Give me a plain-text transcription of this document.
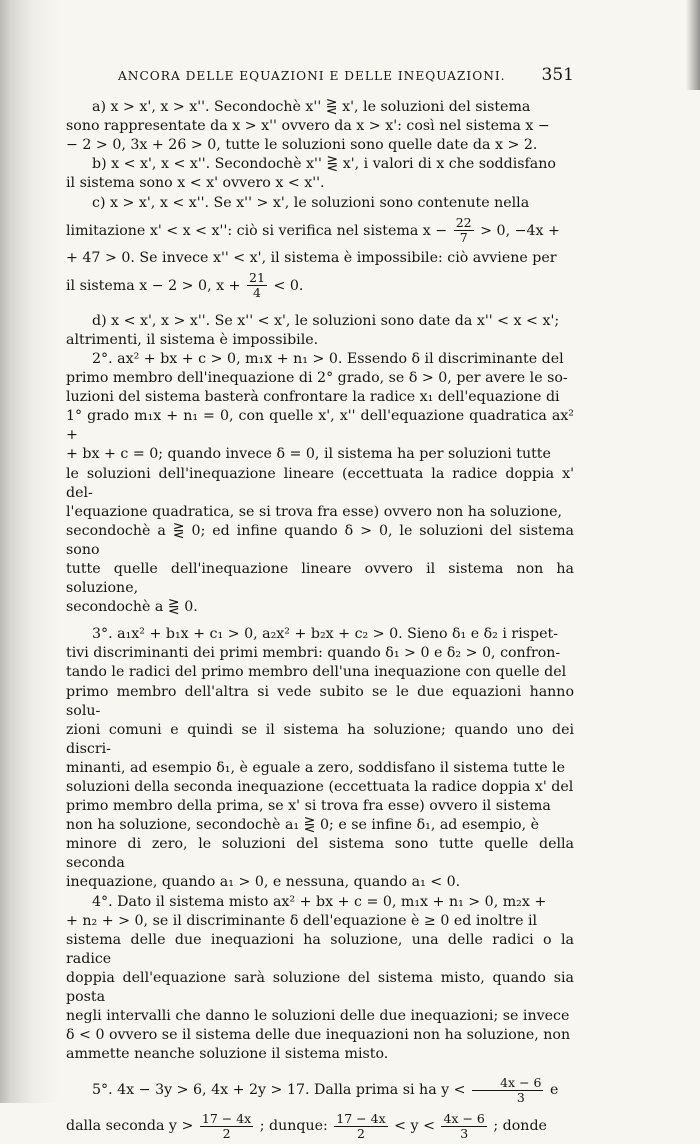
ANCORA DELLE EQUAZIONI E DELLE INEQUAZIONI. 351
a) x > x', x > x''. Secondochè x'' ⋛ x', le soluzioni del sistema
sono rappresentate da x > x'' ovvero da x > x': così nel sistema x −
− 2 > 0, 3x + 26 > 0, tutte le soluzioni sono quelle date da x > 2.
b) x < x', x < x''. Secondochè x'' ⋛ x', i valori di x che soddisfano
il sistema sono x < x' ovvero x < x''.
c) x > x', x < x''. Se x'' > x', le soluzioni sono contenute nella
limitazione x' < x < x'': ciò si verifica nel sistema $x - \frac{22}{7} > 0$, −4x +
+ 47 > 0. Se invece x'' < x', il sistema è impossibile: ciò avviene per
il sistema x − 2 > 0, $x + \frac{21}{4} < 0$.
d) x < x', x > x''. Se x'' < x', le soluzioni sono date da x'' < x < x';
altrimenti, il sistema è impossibile.
2°. ax² + bx + c > 0, m₁x + n₁ > 0. Essendo δ il discriminante del
primo membro dell'inequazione di 2° grado, se δ > 0, per avere le so-
luzioni del sistema basterà confrontare la radice x₁ dell'equazione di
1° grado m₁x + n₁ = 0, con quelle x', x'' dell'equazione quadratica ax² +
+ bx + c = 0; quando invece δ = 0, il sistema ha per soluzioni tutte
le soluzioni dell'inequazione lineare (eccettuata la radice doppia x' del-
l'equazione quadratica, se si trova fra esse) ovvero non ha soluzione,
secondochè a ⋛ 0; ed infine quando δ > 0, le soluzioni del sistema sono
tutte quelle dell'inequazione lineare ovvero il sistema non ha soluzione,
secondochè a ⋛ 0.
3°. a₁x² + b₁x + c₁ > 0, a₂x² + b₂x + c₂ > 0. Sieno δ₁ e δ₂ i rispet-
tivi discriminanti dei primi membri: quando δ₁ > 0 e δ₂ > 0, confron-
tando le radici del primo membro dell'una inequazione con quelle del
primo membro dell'altra si vede subito se le due equazioni hanno solu-
zioni comuni e quindi se il sistema ha soluzione; quando uno dei discri-
minanti, ad esempio δ₁, è eguale a zero, soddisfano il sistema tutte le
soluzioni della seconda inequazione (eccettuata la radice doppia x' del
primo membro della prima, se x' si trova fra esse) ovvero il sistema
non ha soluzione, secondochè a₁ ⋛ 0; e se infine δ₁, ad esempio, è
minore di zero, le soluzioni del sistema sono tutte quelle della seconda
inequazione, quando a₁ > 0, e nessuna, quando a₁ < 0.
4°. Dato il sistema misto ax² + bx + c = 0, m₁x + n₁ > 0, m₂x +
+ n₂ + > 0, se il discriminante δ dell'equazione è ≥ 0 ed inoltre il
sistema delle due inequazioni ha soluzione, una delle radici o la radice
doppia dell'equazione sarà soluzione del sistema misto, quando sia posta
negli intervalli che danno le soluzioni delle due inequazioni; se invece
δ < 0 ovvero se il sistema delle due inequazioni non ha soluzione, non
ammette neanche soluzione il sistema misto.
5°. 4x − 3y > 6, 4x + 2y > 17. Dalla prima si ha $y < \frac{4x - 6}{3}$ e
dalla seconda $y > \frac{17 - 4x}{2}$ ; dunque: $\frac{17 - 4x}{2} < y < \frac{4x - 6}{3}$ ; donde
